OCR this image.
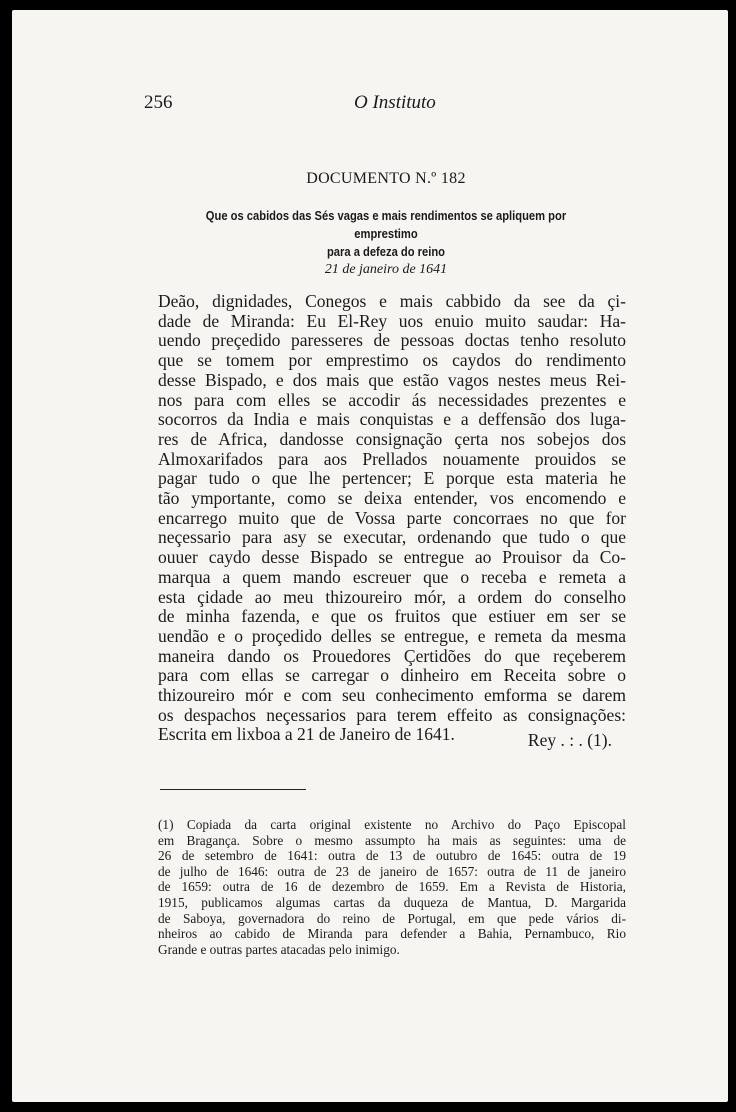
256	O Instituto
DOCUMENTO N.º 182
Que os cabidos das Sés vagas e mais rendimentos se apliquem por emprestimo
para a defeza do reino
21 de janeiro de 1641
Deão, dignidades, Conegos e mais cabbido da see da çi-
dade de Miranda: Eu El-Rey uos enuio muito saudar: Ha-
uendo preçedido paresseres de pessoas doctas tenho resoluto
que se tomem por emprestimo os caydos do rendimento
desse Bispado, e dos mais que estão vagos nestes meus Rei-
nos para com elles se accodir ás necessidades prezentes e
socorros da India e mais conquistas e a deffensão dos luga-
res de Africa, dandosse consignação çerta nos sobejos dos
Almoxarifados para aos Prellados nouamente prouidos se
pagar tudo o que lhe pertencer; E porque esta materia he
tão ymportante, como se deixa entender, vos encomendo e
encarrego muito que de Vossa parte concorraes no que for
neçessario para asy se executar, ordenando que tudo o que
ouuer caydo desse Bispado se entregue ao Prouisor da Co-
marqua a quem mando escreuer que o receba e remeta a
esta çidade ao meu thizoureiro mór, a ordem do conselho
de minha fazenda, e que os fruitos que estiuer em ser se
uendão e o proçedido delles se entregue, e remeta da mesma
maneira dando os Prouedores Çertidões do que reçeberem
para com ellas se carregar o dinheiro em Receita sobre o
thizoureiro mór e com seu conhecimento emforma se darem
os despachos neçessarios para terem effeito as consignações:
Escrita em lixboa a 21 de Janeiro de 1641.	Rey . : . (1).
(1) Copiada da carta original existente no Archivo do Paço Episcopal
em Bragança. Sobre o mesmo assumpto ha mais as seguintes: uma de
26 de setembro de 1641: outra de 13 de outubro de 1645: outra de 19
de julho de 1646: outra de 23 de janeiro de 1657: outra de 11 de janeiro
de 1659: outra de 16 de dezembro de 1659. Em a Revista de Historia,
1915, publicamos algumas cartas da duqueza de Mantua, D. Margarida
de Saboya, governadora do reino de Portugal, em que pede vários di-
nheiros ao cabido de Miranda para defender a Bahia, Pernambuco, Rio
Grande e outras partes atacadas pelo inimigo.
